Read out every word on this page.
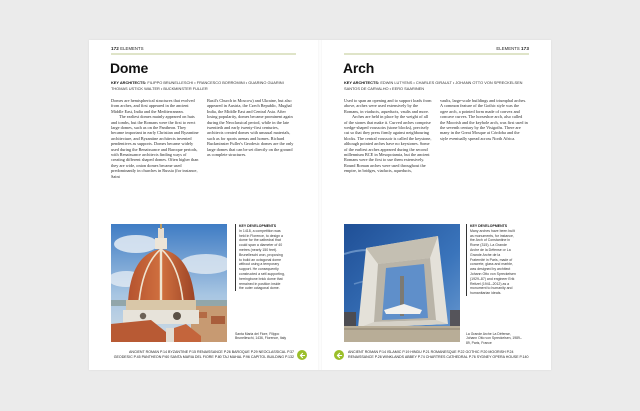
172 ELEMENTS
Dome
KEY ARCHITECTS: FILIPPO BRUNELLESCHI • FRANCESCO BORROMINI • GUARINO GUARINI THOMAS USTICK WALTER • BUCKMINSTER FULLER

Domes are hemispherical structures that evolved from arches, and first appeared in the ancient Middle East, India and the Mediterranean.

The earliest domes mainly appeared on huts and tombs, but the Romans were the first to erect large domes, such as on the Pantheon. They became important in early Christian and Byzantine architecture, and Byzantine architects invented pendentives as supports. Domes became widely used during the Renaissance and Baroque periods, with Renaissance architects finding ways of creating different shaped domes. Often higher than they are wide, onion domes became used predominantly in churches in Russia (for instance, Saint

Basil's Church in Moscow) and Ukraine, but also appeared in Austria, the Czech Republic, Mughal India, the Middle East and Central Asia. After losing popularity, domes became prominent again during the Neoclassical period, while in the late twentieth and early twenty-first centuries, architects created domes with unusual materials, such as for sports arenas and homes. Richard Buckminster Fuller's Geodesic domes are the only large domes that can be set directly on the ground as complete structures.

KEY DEVELOPMENTS
In 1418, a competition was held in Florence, to design a dome for the cathedral that could span a diameter of 40 metres (nearly 150 feet). Brunelleschi won, proposing to build an octagonal dome without using a temporary support. He consequently constructed a self-supporting, herringbone brick dome that remained in position inside the outer octagonal dome.
Santa Maria del Fiore, Filippo Brunelleschi, 1436, Florence, Italy
ANCIENT ROMAN P.14 BYZANTINE P.15 RENAISSANCE P.26 BAROQUE P.29 NEOCLASSICAL P.37
GEODESIC P.45 PANTHEON P.60 SANTA MARIA DEL FIORE P.80 TAJ MAHAL P.96 CAPITOL BUILDING P.132
ELEMENTS 173
Arch
KEY ARCHITECTS: EDWIN LUTYENS • CHARLES GIRAULT • JOHANN OTTO VON SPRECKELSEN SANTOS DE CARVALHO • EERO SAARINEN

Used to span an opening and to support loads from above, arches were used extensively by the Romans, in viaducts, aqueducts, vaults and more.

Arches are held in place by the weight of all of the stones that make it. Curved arches comprise wedge-shaped voussoirs (stone blocks), precisely cut so that they press firmly against neighbouring blocks. The central voussoir is called the keystone, although pointed arches have no keystones. Some of the earliest arches appeared during the second millennium BCE in Mesopotamia, but the ancient Romans were the first to use them extensively. Round Roman arches were used throughout the empire, in bridges, viaducts, aqueducts,

vaults, large-scale buildings and triumphal arches. A common feature of the Gothic style was the ogee arch, a pointed form made of convex and concave curves. The horseshoe arch, also called the Moorish and the keyhole arch, was first used in the seventh century by the Visigoths. There are many in the Great Mosque at Córdoba and the style eventually spread across North Africa.

KEY DEVELOPMENTS
Many arches have been built as monuments, for instance, the Arch of Constantine in Rome (315). La Grande Arche de la Défense or La Grande Arche de la Fraternité in Paris, made of concrete, glass and marble, was designed by architect Johann Otto von Spreckelsen (1929–87) and engineer Erik Reitzel (1941–2012) as a monument to humanity and humanitarian ideals.
La Grande Arche La Défense, Johann Otto von Spreckelsen, 1989–89, Paris, France
ANCIENT ROMAN P.14 ISLAMIC P.19 HINDU P.21 ROMANESQUE P.22 GOTHIC P.20 MOORISH P.24
RENAISSANCE P.26 WINKLANDS ABBEY P.74 CHARTRES CATHEDRAL P.76 SYDNEY OPERA HOUSE P.140
